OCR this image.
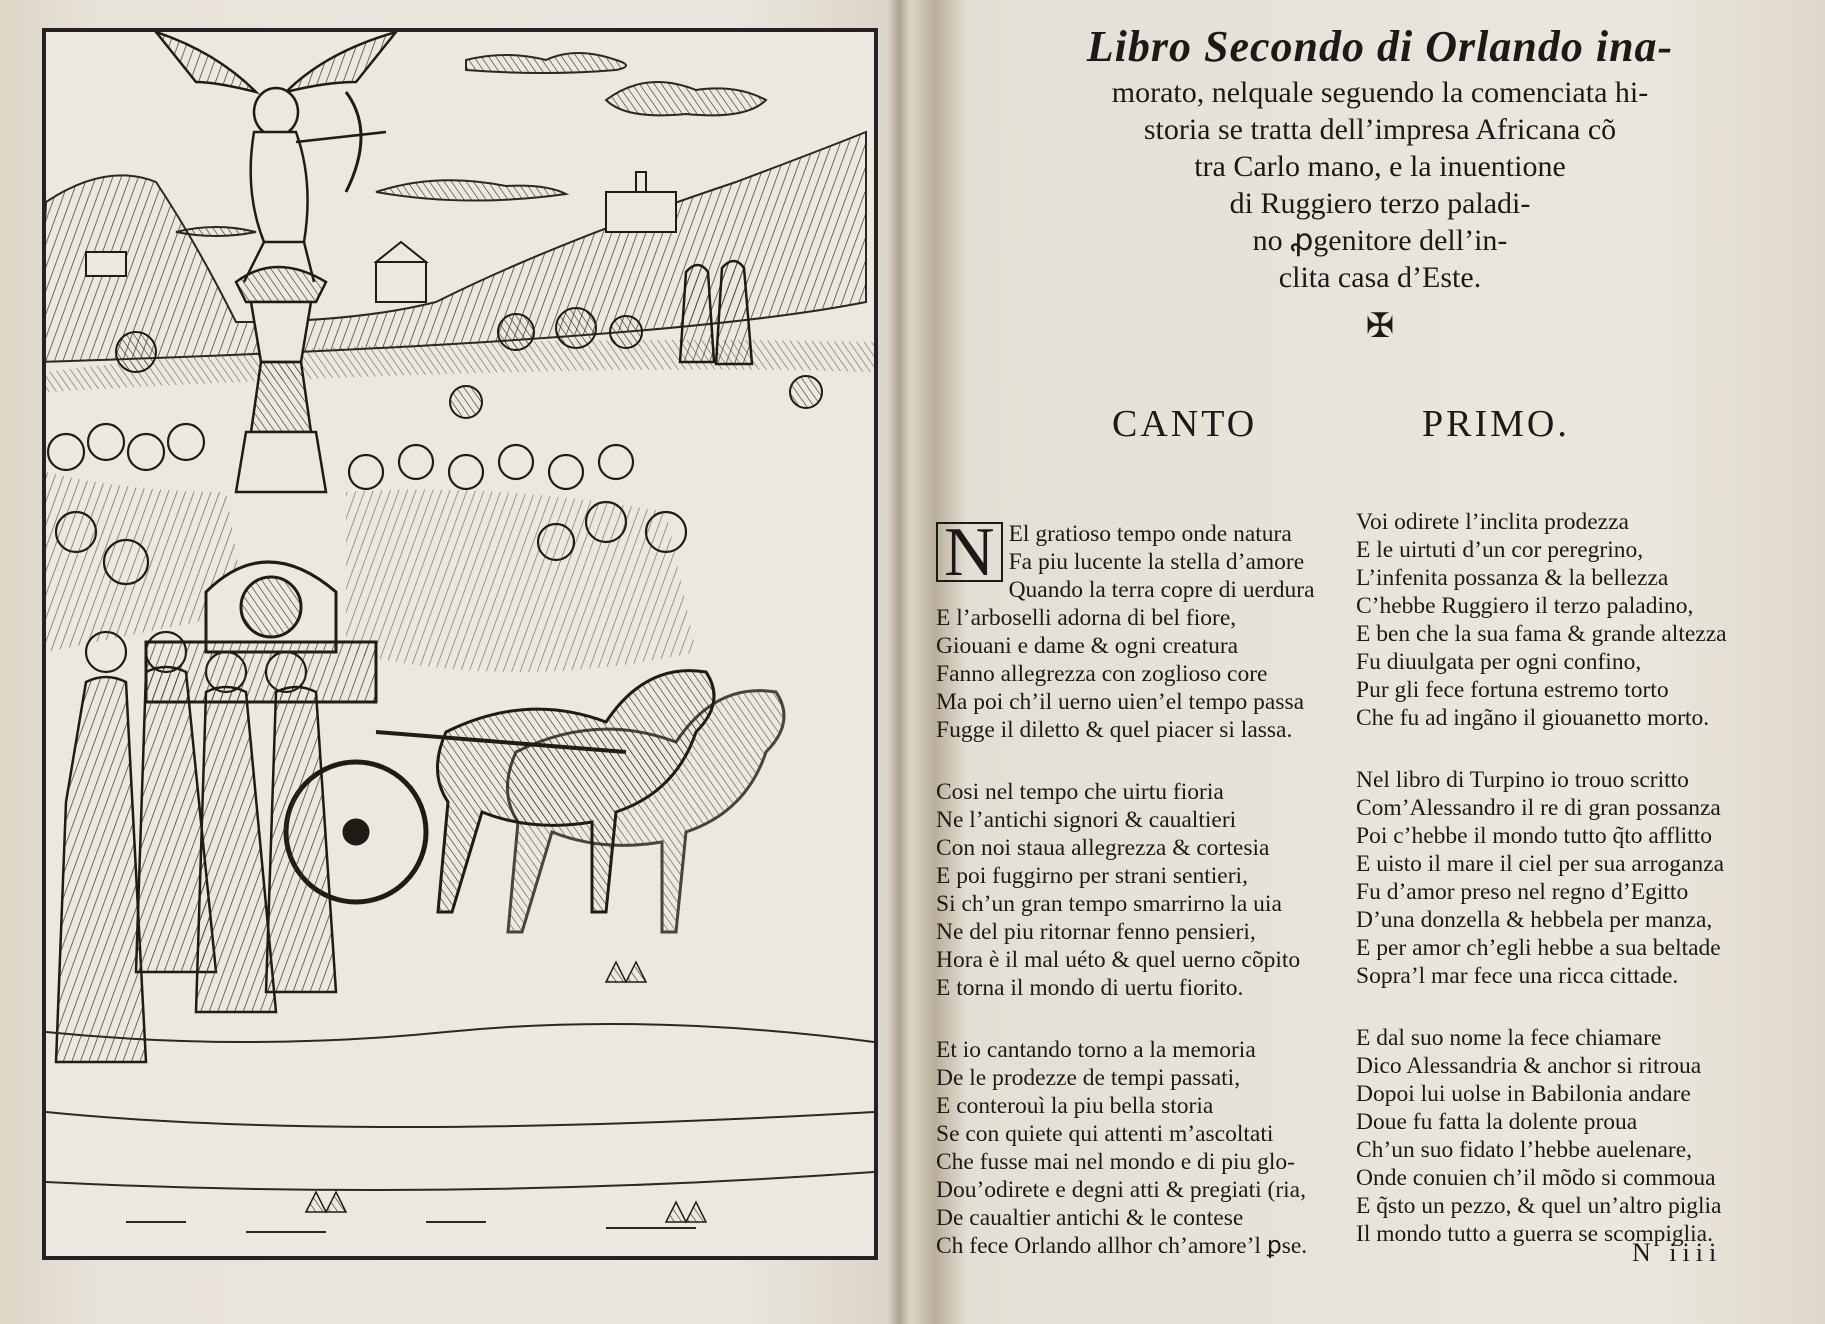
Libro Secondo di Orlando ina-
morato, nelquale seguendo la comenciata hi-
storia se tratta dell’impresa Africana cõ
tra Carlo mano, e la inuentione
di Ruggiero terzo paladi-
no ꝓgenitore dell’in-
clita casa d’Este.
✠
CANTO	PRIMO.
N El gratioso tempo onde natura
Fa piu lucente la stella d’amore
Quando la terra copre di uerdura
E l’arboselli adorna di bel fiore,
Giouani e dame & ogni creatura
Fanno allegrezza con zoglioso core
Ma poi ch’il uerno uien’el tempo passa
Fugge il diletto & quel piacer si lassa.
Cosi nel tempo che uirtu fioria
Ne l’antichi signori & caualtieri
Con noi staua allegrezza & cortesia
E poi fuggirno per strani sentieri,
Si ch’un gran tempo smarrirno la uia
Ne del piu ritornar fenno pensieri,
Hora è il mal uéto & quel uerno cõpito
E torna il mondo di uertu fiorito.
Et io cantando torno a la memoria
De le prodezze de tempi passati,
E conterouì la piu bella storia
Se con quiete qui attenti m’ascoltati
Che fusse mai nel mondo e di piu glo-
Dou’odirete e degni atti & pregiati (ria,
De caualtier antichi & le contese
Ch fece Orlando allhor ch’amore’l ꝑse.
Voi odirete l’inclita prodezza
E le uirtuti d’un cor peregrino,
L’infenita possanza & la bellezza
C’hebbe Ruggiero il terzo paladino,
E ben che la sua fama & grande altezza
Fu diuulgata per ogni confino,
Pur gli fece fortuna estremo torto
Che fu ad ingãno il giouanetto morto.
Nel libro di Turpino io trouo scritto
Com’Alessandro il re di gran possanza
Poi c’hebbe il mondo tutto q̃to afflitto
E uisto il mare il ciel per sua arroganza
Fu d’amor preso nel regno d’Egitto
D’una donzella & hebbela per manza,
E per amor ch’egli hebbe a sua beltade
Sopra’l mar fece una ricca cittade.
E dal suo nome la fece chiamare
Dico Alessandria & anchor si ritroua
Dopoi lui uolse in Babilonia andare
Doue fu fatta la dolente proua
Ch’un suo fidato l’hebbe auelenare,
Onde conuien ch’il mõdo si commoua
E q̃sto un pezzo, & quel un’altro piglia
Il mondo tutto a guerra se scompiglia.
N iiii
